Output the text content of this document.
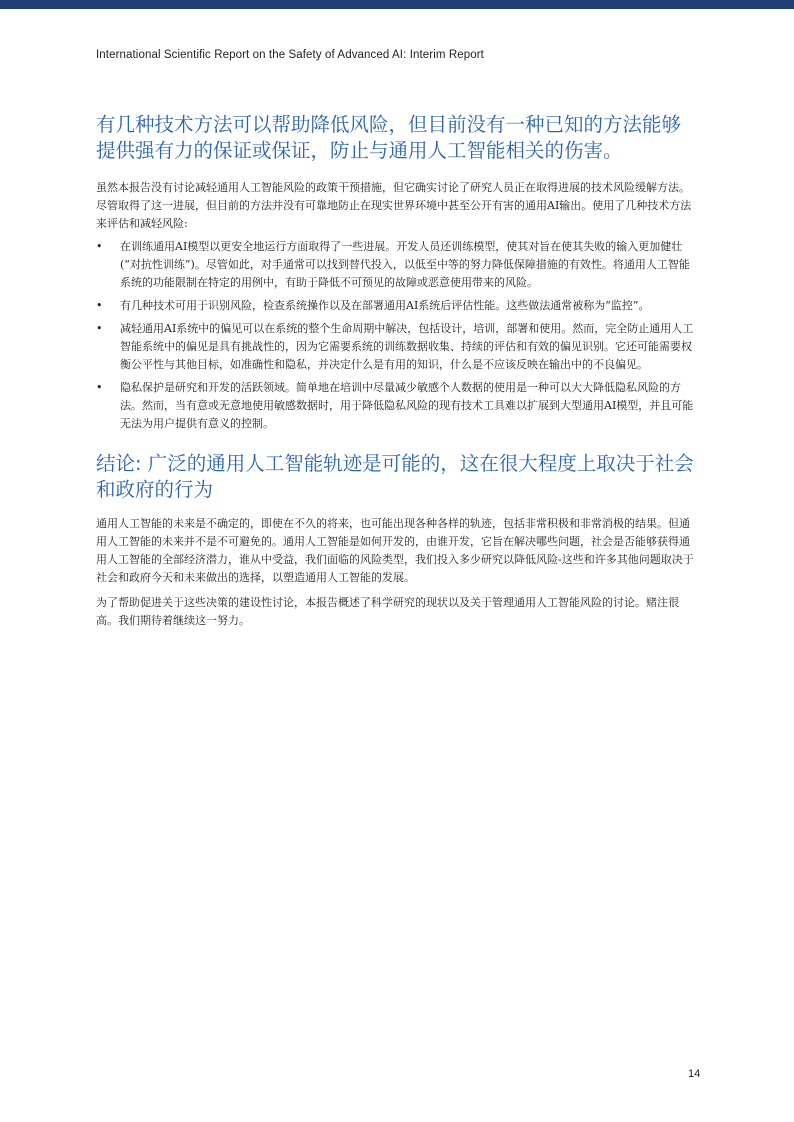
International Scientific Report on the Safety of Advanced AI: Interim Report
有几种技术方法可以帮助降低风险，但目前没有一种已知的方法能够提供强有力的保证或保证，防止与通用人工智能相关的伤害。

虽然本报告没有讨论减轻通用人工智能风险的政策干预措施，但它确实讨论了研究人员正在取得进展的技术风险缓解方法。尽管取得了这一进展，但目前的方法并没有可靠地防止在现实世界环境中甚至公开有害的通用AI输出。使用了几种技术方法来评估和减轻风险:

• 在训练通用AI模型以更安全地运行方面取得了一些进展。开发人员还训练模型，使其对旨在使其失败的输入更加健壮 (“对抗性训练”)。尽管如此，对手通常可以找到替代投入，以低至中等的努力降低保障措施的有效性。将通用人工智能系统的功能限制在特定的用例中，有助于降低不可预见的故障或恶意使用带来的风险。
• 有几种技术可用于识别风险，检查系统操作以及在部署通用AI系统后评估性能。这些做法通常被称为“监控”。
• 减轻通用AI系统中的偏见可以在系统的整个生命周期中解决，包括设计，培训，部署和使用。然而，完全防止通用人工智能系统中的偏见是具有挑战性的，因为它需要系统的训练数据收集、持续的评估和有效的偏见识别。它还可能需要权衡公平性与其他目标，如准确性和隐私，并决定什么是有用的知识，什么是不应该反映在输出中的不良偏见。
• 隐私保护是研究和开发的活跃领域。简单地在培训中尽量减少敏感个人数据的使用是一种可以大大降低隐私风险的方法。然而，当有意或无意地使用敏感数据时，用于降低隐私风险的现有技术工具难以扩展到大型通用AI模型，并且可能无法为用户提供有意义的控制。
结论: 广泛的通用人工智能轨迹是可能的，这在很大程度上取决于社会和政府的行为

通用人工智能的未来是不确定的，即使在不久的将来，也可能出现各种各样的轨迹，包括非常积极和非常消极的结果。但通用人工智能的未来并不是不可避免的。通用人工智能是如何开发的，由谁开发，它旨在解决哪些问题，社会是否能够获得通用人工智能的全部经济潜力，谁从中受益，我们面临的风险类型，我们投入多少研究以降低风险-这些和许多其他问题取决于社会和政府今天和未来做出的选择，以塑造通用人工智能的发展。

为了帮助促进关于这些决策的建设性讨论，本报告概述了科学研究的现状以及关于管理通用人工智能风险的讨论。赌注很高。我们期待着继续这一努力。

14
